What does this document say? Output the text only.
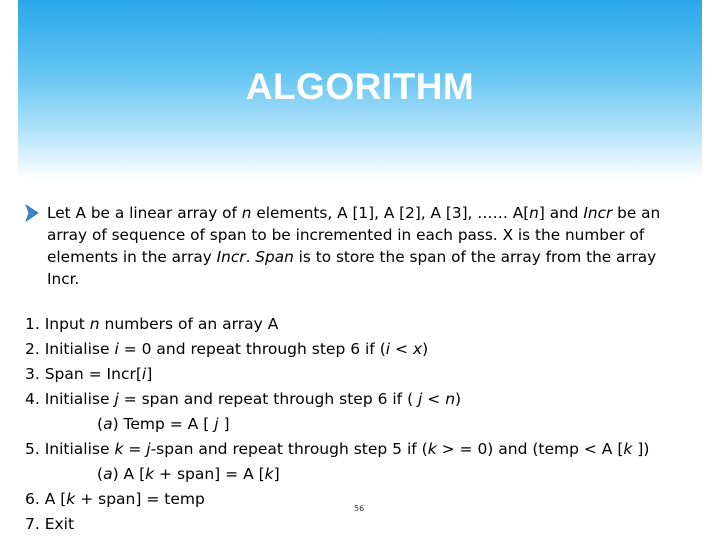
ALGORITHM
Let A be a linear array of n elements, A [1], A [2], A [3], …… A[n] and Incr be an array of sequence of span to be incremented in each pass. X is the number of elements in the array Incr. Span is to store the span of the array from the array Incr.
1. Input n numbers of an array A
2. Initialise i = 0 and repeat through step 6 if (i < x)
3. Span = Incr[i]
4. Initialise j = span and repeat through step 6 if ( j < n)
(a) Temp = A [ j ]
5. Initialise k = j-span and repeat through step 5 if (k > = 0) and (temp < A [k ])
(a) A [k + span] = A [k]
6. A [k + span] = temp
7. Exit
56
